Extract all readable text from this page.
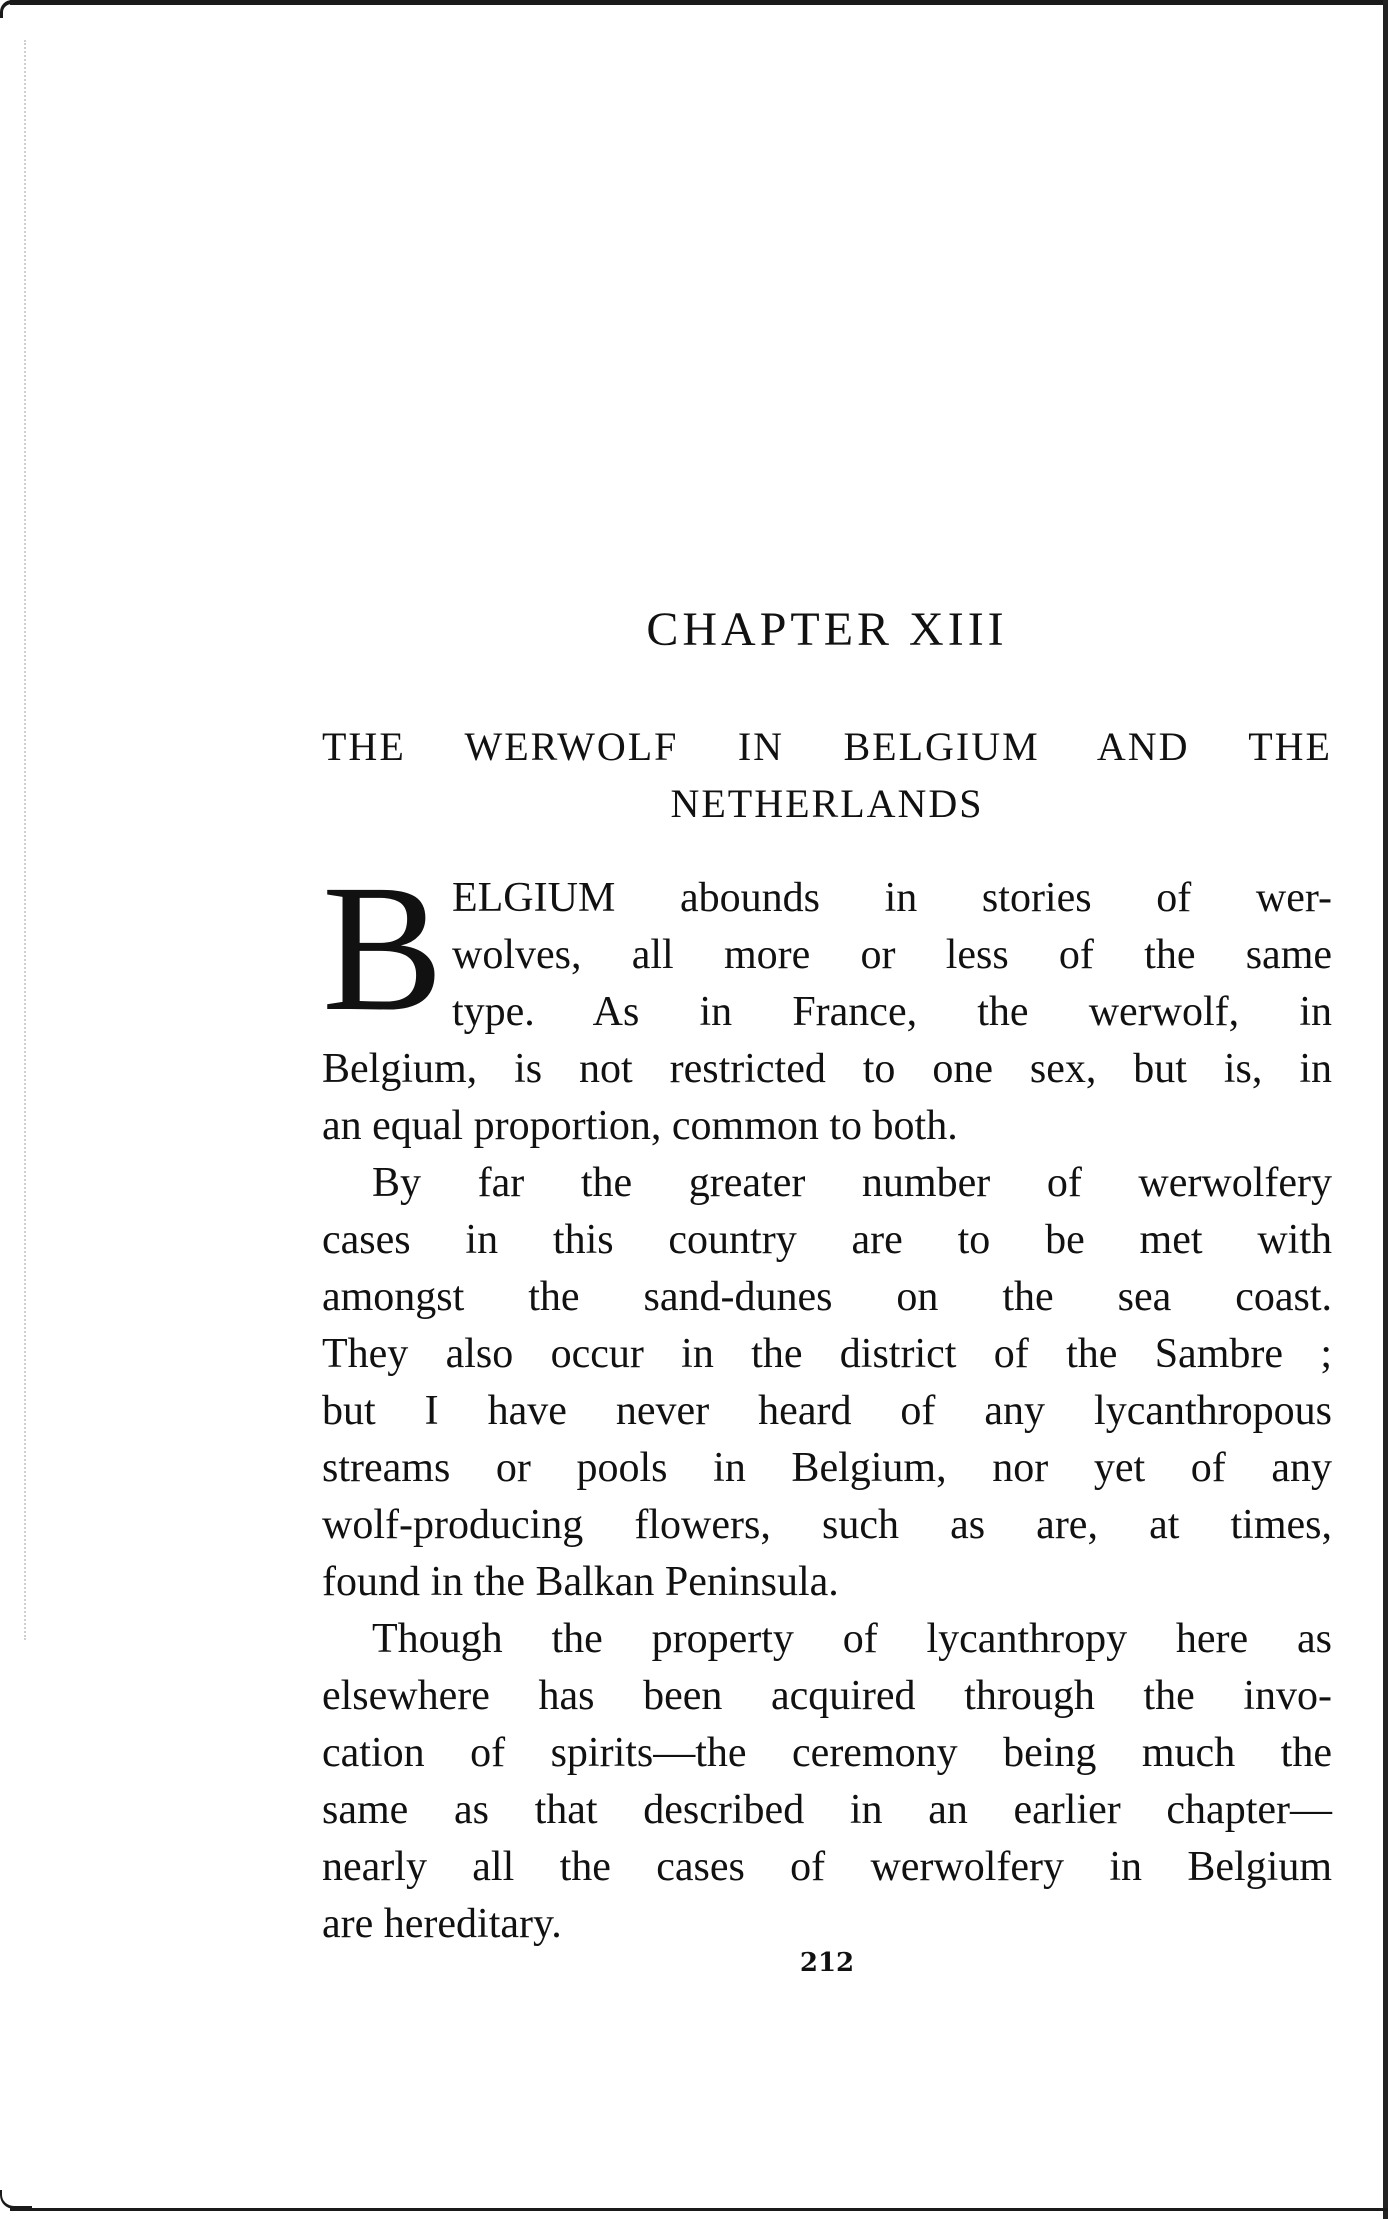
CHAPTER XIII
THE WERWOLF IN BELGIUM AND THE
NETHERLANDS
B ELGIUM abounds in stories of wer-
wolves, all more or less of the same
type. As in France, the werwolf, in
Belgium, is not restricted to one sex, but is, in
an equal proportion, common to both.
By far the greater number of werwolfery
cases in this country are to be met with
amongst the sand-dunes on the sea coast.
They also occur in the district of the Sambre ;
but I have never heard of any lycanthropous
streams or pools in Belgium, nor yet of any
wolf-producing flowers, such as are, at times,
found in the Balkan Peninsula.
Though the property of lycanthropy here as
elsewhere has been acquired through the invo-
cation of spirits—the ceremony being much the
same as that described in an earlier chapter—
nearly all the cases of werwolfery in Belgium
are hereditary.

212
